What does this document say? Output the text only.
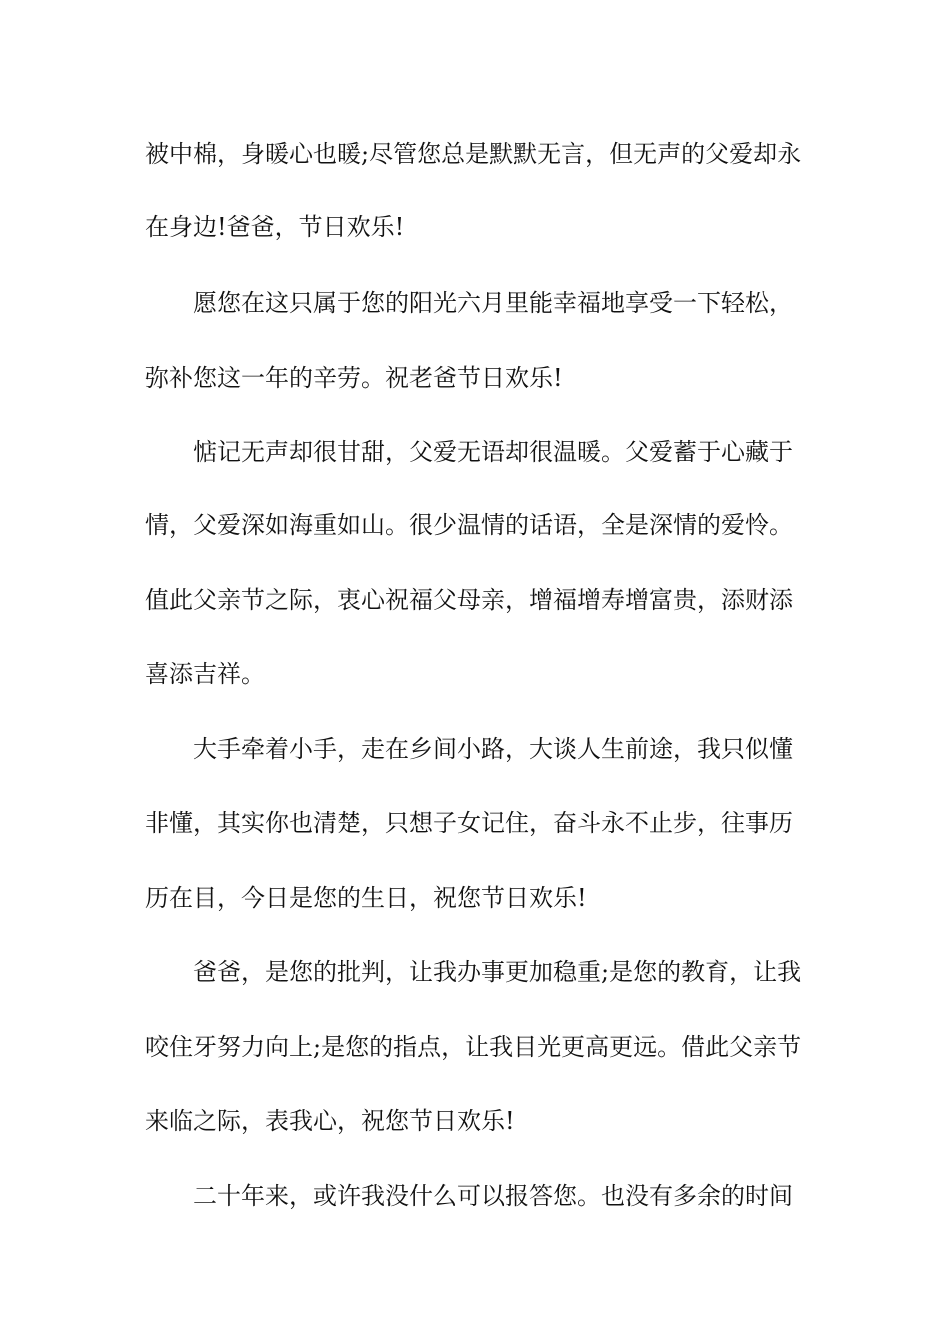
被中棉，身暖心也暖;尽管您总是默默无言，但无声的父爱却永
在身边!爸爸，节日欢乐!
愿您在这只属于您的阳光六月里能幸福地享受一下轻松，
弥补您这一年的辛劳。祝老爸节日欢乐!
惦记无声却很甘甜，父爱无语却很温暖。父爱蓄于心藏于
情，父爱深如海重如山。很少温情的话语，全是深情的爱怜。
值此父亲节之际，衷心祝福父母亲，增福增寿增富贵，添财添
喜添吉祥。
大手牵着小手，走在乡间小路，大谈人生前途，我只似懂
非懂，其实你也清楚，只想子女记住，奋斗永不止步，往事历
历在目，今日是您的生日，祝您节日欢乐!
爸爸，是您的批判，让我办事更加稳重;是您的教育，让我
咬住牙努力向上;是您的指点，让我目光更高更远。借此父亲节
来临之际，表我心，祝您节日欢乐!
二十年来，或许我没什么可以报答您。也没有多余的时间
